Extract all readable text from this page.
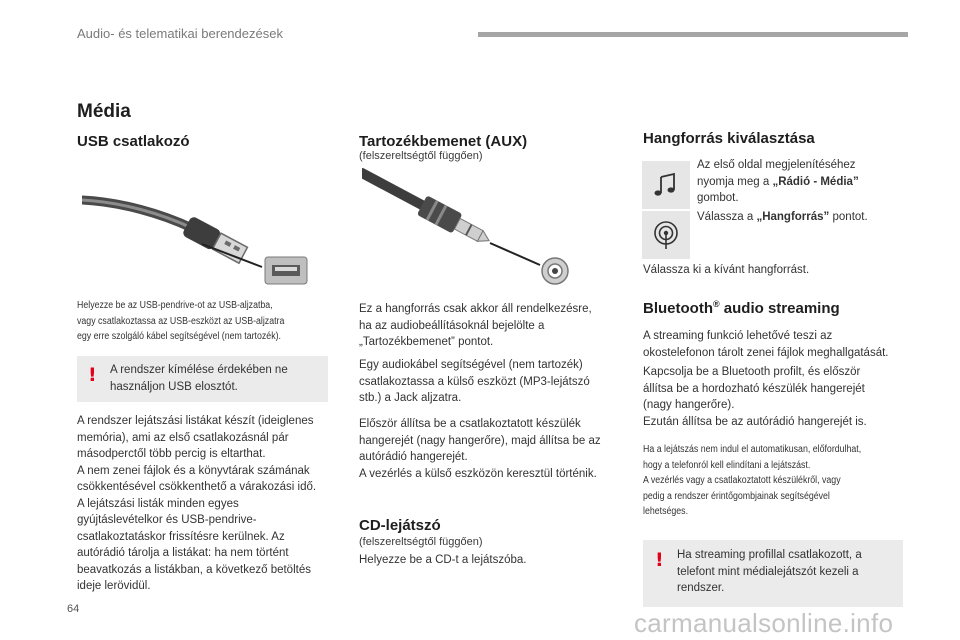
Audio- és telematikai berendezések
Média
USB csatlakozó
Helyezze be az USB-pendrive-ot az USB-aljzatba,
vagy csatlakoztassa az USB-eszközt az USB-aljzatra
egy erre szolgáló kábel segítségével (nem tartozék).
! A rendszer kímélése érdekében ne
használjon USB elosztót.
A rendszer lejátszási listákat készít (ideiglenes
memória), ami az első csatlakozásnál pár
másodperctől több percig is eltarthat.
A nem zenei fájlok és a könyvtárak számának
csökkentésével csökkenthető a várakozási idő.
A lejátszási listák minden egyes
gyújtáslevételkor és USB-pendrive-
csatlakoztatáskor frissítésre kerülnek. Az
autórádió tárolja a listákat: ha nem történt
beavatkozás a listákban, a következő betöltés
ideje lerövidül.
Tartozékbemenet (AUX)
(felszereltségtől függően)
Ez a hangforrás csak akkor áll rendelkezésre,
ha az audiobeállításoknál bejelölte a
„Tartozékbemenet” pontot.
Egy audiokábel segítségével (nem tartozék)
csatlakoztassa a külső eszközt (MP3-lejátszó
stb.) a Jack aljzatra.
Először állítsa be a csatlakoztatott készülék
hangerejét (nagy hangerőre), majd állítsa be az
autórádió hangerejét.
A vezérlés a külső eszközön keresztül történik.
CD-lejátszó
(felszereltségtől függően)
Helyezze be a CD-t a lejátszóba.
Hangforrás kiválasztása
Az első oldal megjelenítéséhez
nyomja meg a „Rádió - Média”
gombot.
Válassza a „Hangforrás” pontot.
Válassza ki a kívánt hangforrást.
Bluetooth® audio streaming
A streaming funkció lehetővé teszi az
okostelefonon tárolt zenei fájlok meghallgatását.
Kapcsolja be a Bluetooth profilt, és először
állítsa be a hordozható készülék hangerejét
(nagy hangerőre).
Ezután állítsa be az autórádió hangerejét is.
Ha a lejátszás nem indul el automatikusan, előfordulhat,
hogy a telefonról kell elindítani a lejátszást.
A vezérlés vagy a csatlakoztatott készülékről, vagy
pedig a rendszer érintőgombjainak segítségével
lehetséges.
! Ha streaming profillal csatlakozott, a
telefont mint médialejátszót kezeli a
rendszer.
64	carmanualsonline.info
